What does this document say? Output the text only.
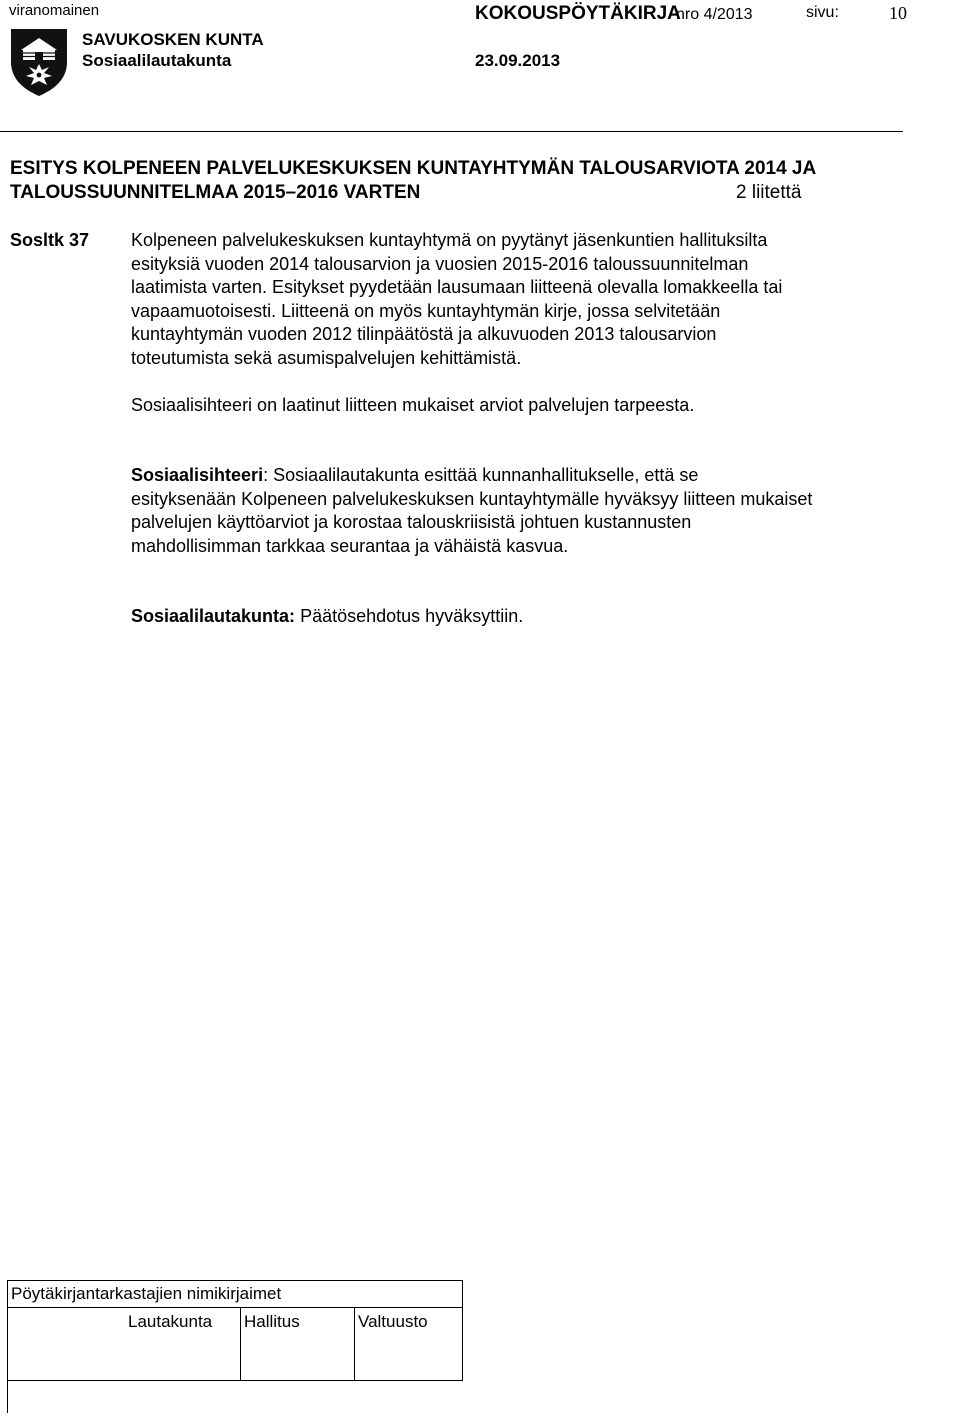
viranomainen	KOKOUSPÖYTÄKIRJA
nro 4/2013	sivu:	10
SAVUKOSKEN KUNTA
Sosiaalilautakunta	23.09.2013
ESITYS KOLPENEEN PALVELUKESKUKSEN KUNTAYHTYMÄN TALOUSARVIOTA 2014 JA
TALOUSSUUNNITELMAA 2015–2016 VARTEN	2 liitettä
Sosltk 37 Kolpeneen palvelukeskuksen kuntayhtymä on pyytänyt jäsenkuntien hallituksilta

esityksiä vuoden 2014 talousarvion ja vuosien 2015-2016 taloussuunnitelman

laatimista varten. Esitykset pyydetään lausumaan liitteenä olevalla lomakkeella tai

vapaamuotoisesti. Liitteenä on myös kuntayhtymän kirje, jossa selvitetään

kuntayhtymän vuoden 2012 tilinpäätöstä ja alkuvuoden 2013 talousarvion

toteutumista sekä asumispalvelujen kehittämistä.

Sosiaalisihteeri on laatinut liitteen mukaiset arviot palvelujen tarpeesta.

Sosiaalisihteeri: Sosiaalilautakunta esittää kunnanhallitukselle, että se

esityksenään Kolpeneen palvelukeskuksen kuntayhtymälle hyväksyy liitteen mukaiset

palvelujen käyttöarviot ja korostaa talouskriisistä johtuen kustannusten

mahdollisimman tarkkaa seurantaa ja vähäistä kasvua.

Sosiaalilautakunta: Päätösehdotus hyväksyttiin.
Pöytäkirjantarkastajien nimikirjaimet
Lautakunta	Hallitus	Valtuusto
